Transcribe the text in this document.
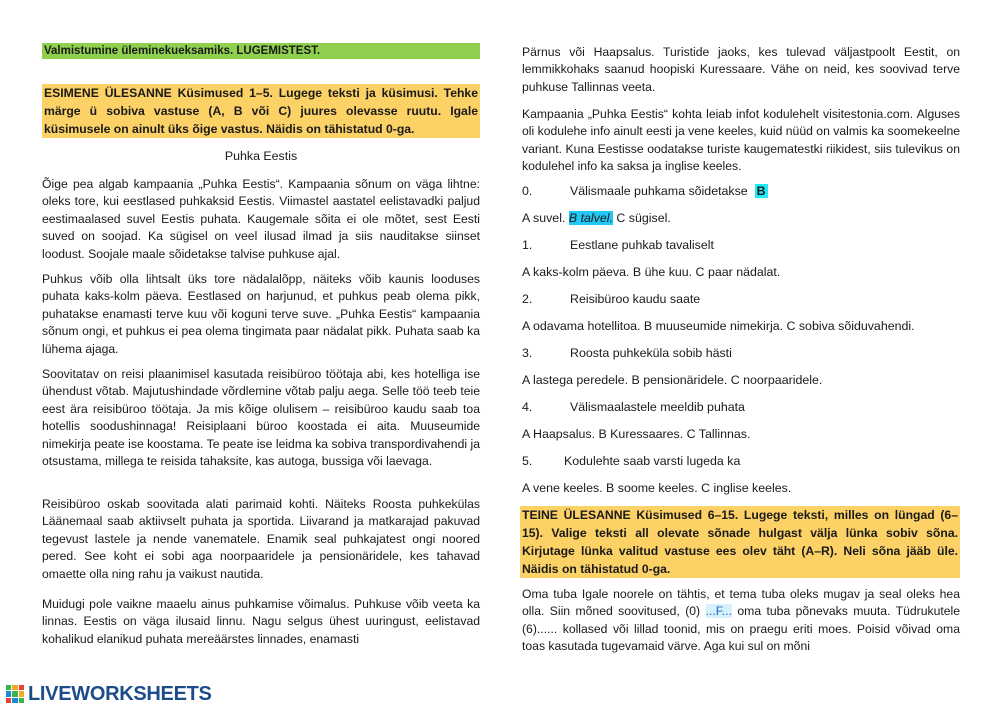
Valmistumine üleminekueksamiks. LUGEMISTEST.
ESIMENE ÜLESANNE Küsimused 1–5. Lugege teksti ja küsimusi. Tehke märge ü sobiva vastuse (A, B või C) juures olevasse ruutu. Igale küsimusele on ainult üks õige vastus. Näidis on tähistatud 0-ga.
Puhka Eestis

Õige pea algab kampaania „Puhka Eestis“. Kampaania sõnum on väga lihtne: oleks tore, kui eestlased puhkaksid Eestis. Viimastel aastatel eelistavadki paljud eestimaalased suvel Eestis puhata. Kaugemale sõita ei ole mõtet, sest Eesti suved on soojad. Ka sügisel on veel ilusad ilmad ja siis nauditakse siinset loodust. Soojale maale sõidetakse talvise puhkuse ajal.

Puhkus võib olla lihtsalt üks tore nädalalõpp, näiteks võib kaunis looduses puhata kaks-kolm päeva. Eestlased on harjunud, et puhkus peab olema pikk, puhatakse enamasti terve kuu või koguni terve suve. „Puhka Eestis“ kampaania sõnum ongi, et puhkus ei pea olema tingimata paar nädalat pikk. Puhata saab ka lühema ajaga.

Soovitatav on reisi plaanimisel kasutada reisibüroo töötaja abi, kes hotelliga ise ühendust võtab. Majutushindade võrdlemine võtab palju aega. Selle töö teeb teie eest ära reisibüroo töötaja. Ja mis kõige olulisem – reisibüroo kaudu saab toa hotellis soodushinnaga! Reisiplaani büroo koostada ei aita. Muuseumide nimekirja peate ise koostama. Te peate ise leidma ka sobiva transpordivahendi ja otsustama, millega te reisida tahaksite, kas autoga, bussiga või laevaga.

Reisibüroo oskab soovitada alati parimaid kohti. Näiteks Roosta puhkekülas Läänemaal saab aktiivselt puhata ja sportida. Liivarand ja matkarajad pakuvad tegevust lastele ja nende vanematele. Enamik seal puhkajatest ongi noored pered. See koht ei sobi aga noorpaaridele ja pensionäridele, kes tahavad omaette olla ning rahu ja vaikust nautida.

Muidugi pole vaikne maaelu ainus puhkamise võimalus. Puhkuse võib veeta ka linnas. Eestis on väga ilusaid linnu. Nagu selgus ühest uuringust, eelistavad kohalikud elanikud puhata mereäärstes linnades, enamasti

Pärnus või Haapsalus. Turistide jaoks, kes tulevad väljastpoolt Eestit, on lemmikkohaks saanud hoopiski Kuressaare. Vähe on neid, kes soovivad terve puhkuse Tallinnas veeta.

Kampaania „Puhka Eestis“ kohta leiab infot kodulehelt visitestonia.com. Alguses oli kodulehe info ainult eesti ja vene keeles, kuid nüüd on valmis ka soomekeelne variant. Kuna Eestisse oodatakse turiste kaugematestki riikidest, siis tulevikus on kodulehel info ka saksa ja inglise keeles.

0.	Välismaale puhkama sõidetakse B
A suvel. B talvel. C sügisel.
1.	Eestlane puhkab tavaliselt
A kaks-kolm päeva. B ühe kuu. C paar nädalat.
2.	Reisibüroo kaudu saate
A odavama hotellitoa. B muuseumide nimekirja. C sobiva sõiduvahendi.
3.	Roosta puhkeküla sobib hästi
A lastega peredele. B pensionäridele. C noorpaaridele.
4.	Välismaalastele meeldib puhata
A Haapsalus. B Kuressaares. C Tallinnas.
5.	Kodulehte saab varsti lugeda ka
A vene keeles. B soome keeles. C inglise keeles.
TEINE ÜLESANNE Küsimused 6–15. Lugege teksti, milles on lüngad (6–15). Valige teksti all olevate sõnade hulgast välja lünka sobiv sõna. Kirjutage lünka valitud vastuse ees olev täht (A–R). Neli sõna jääb üle. Näidis on tähistatud 0-ga.

Oma tuba Igale noorele on tähtis, et tema tuba oleks mugav ja seal oleks hea olla. Siin mõned soovitused, (0) ...F... oma tuba põnevaks muuta. Tüdrukutele (6)...... kollased või lillad toonid, mis on praegu eriti moes. Poisid võivad oma toas kasutada tugevamaid värve. Aga kui sul on mõni

LIVEWORKSHEETS
